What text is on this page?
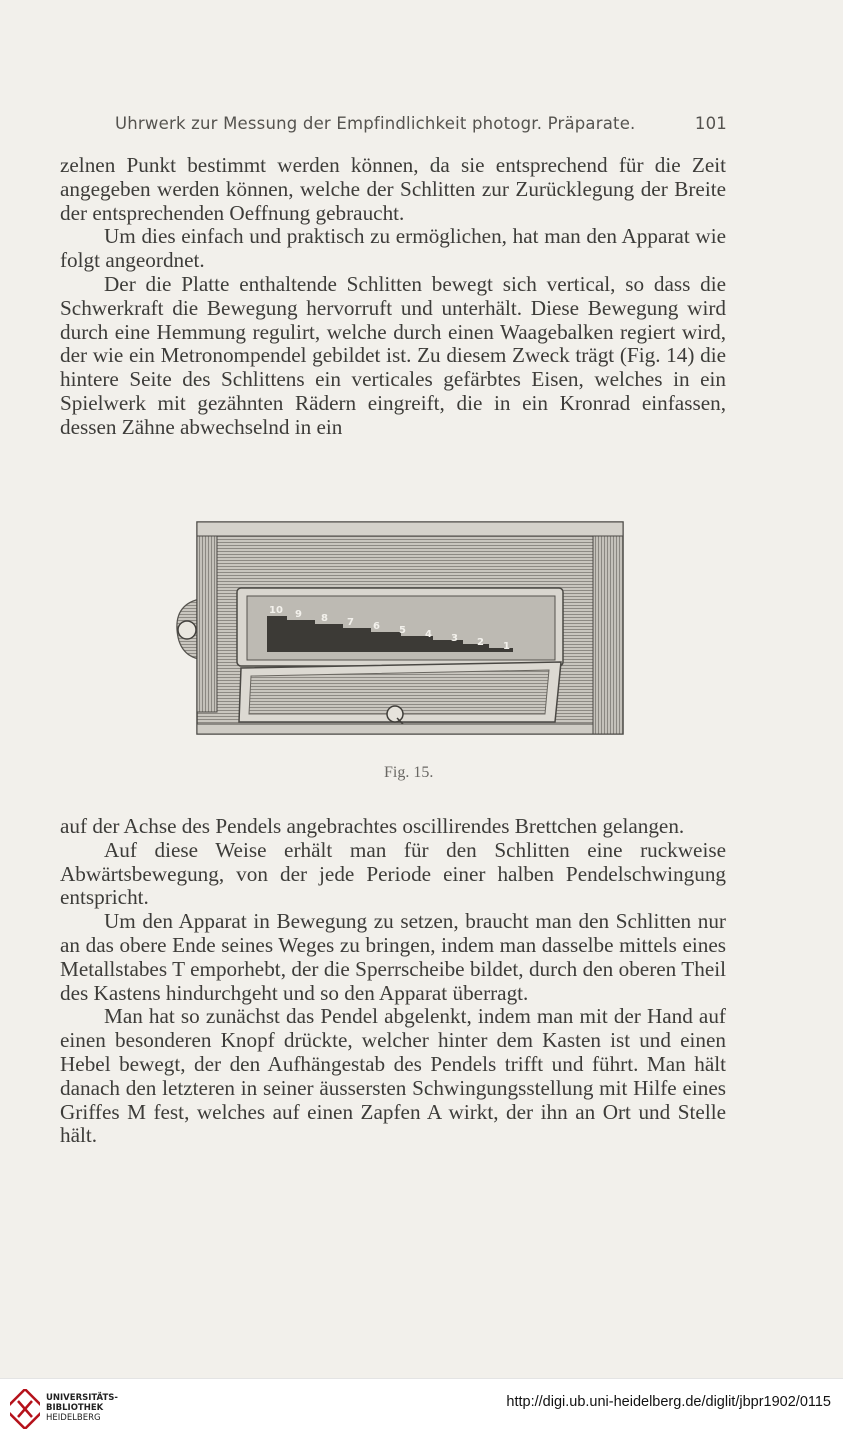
Uhrwerk zur Messung der Empfindlichkeit photogr. Präparate.	101

zelnen Punkt bestimmt werden können, da sie entsprechend für die Zeit angegeben werden können, welche der Schlitten zur Zurücklegung der Breite der entsprechenden Oeffnung gebraucht.

Um dies einfach und praktisch zu ermöglichen, hat man den Apparat wie folgt angeordnet.

Der die Platte enthaltende Schlitten bewegt sich vertical, so dass die Schwerkraft die Bewegung hervorruft und unterhält. Diese Bewegung wird durch eine Hemmung regulirt, welche durch einen Waagebalken regiert wird, der wie ein Metronompendel gebildet ist. Zu diesem Zweck trägt (Fig. 14) die hintere Seite des Schlittens ein verticales gefärbtes Eisen, welches in ein Spielwerk mit gezähnten Rädern eingreift, die in ein Kronrad einfassen, dessen Zähne abwechselnd in ein

10 9 8 7 6 5 4 3 2 1
Fig. 15.

auf der Achse des Pendels angebrachtes oscillirendes Brettchen gelangen.

Auf diese Weise erhält man für den Schlitten eine ruckweise Abwärtsbewegung, von der jede Periode einer halben Pendelschwingung entspricht.

Um den Apparat in Bewegung zu setzen, braucht man den Schlitten nur an das obere Ende seines Weges zu bringen, indem man dasselbe mittels eines Metallstabes T emporhebt, der die Sperrscheibe bildet, durch den oberen Theil des Kastens hindurchgeht und so den Apparat überragt.

Man hat so zunächst das Pendel abgelenkt, indem man mit der Hand auf einen besonderen Knopf drückte, welcher hinter dem Kasten ist und einen Hebel bewegt, der den Aufhängestab des Pendels trifft und führt. Man hält danach den letzteren in seiner äussersten Schwingungsstellung mit Hilfe eines Griffes M fest, welches auf einen Zapfen A wirkt, der ihn an Ort und Stelle hält.

UNIVERSITÄTS-
BIBLIOTHEK
HEIDELBERG
http://digi.ub.uni-heidelberg.de/diglit/jbpr1902/0115
